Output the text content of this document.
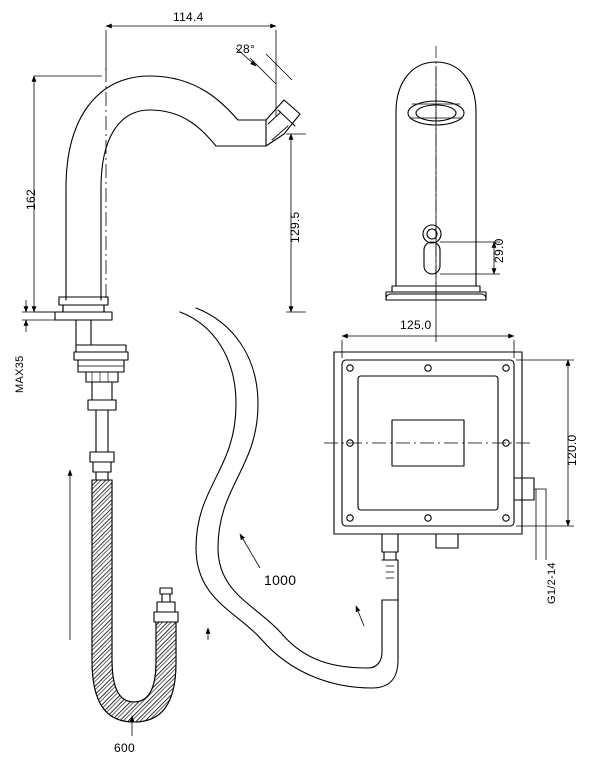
114.4
162
MAX35
129.5
28°
29.0
125.0
120.0
G1/2-14
600
1000
